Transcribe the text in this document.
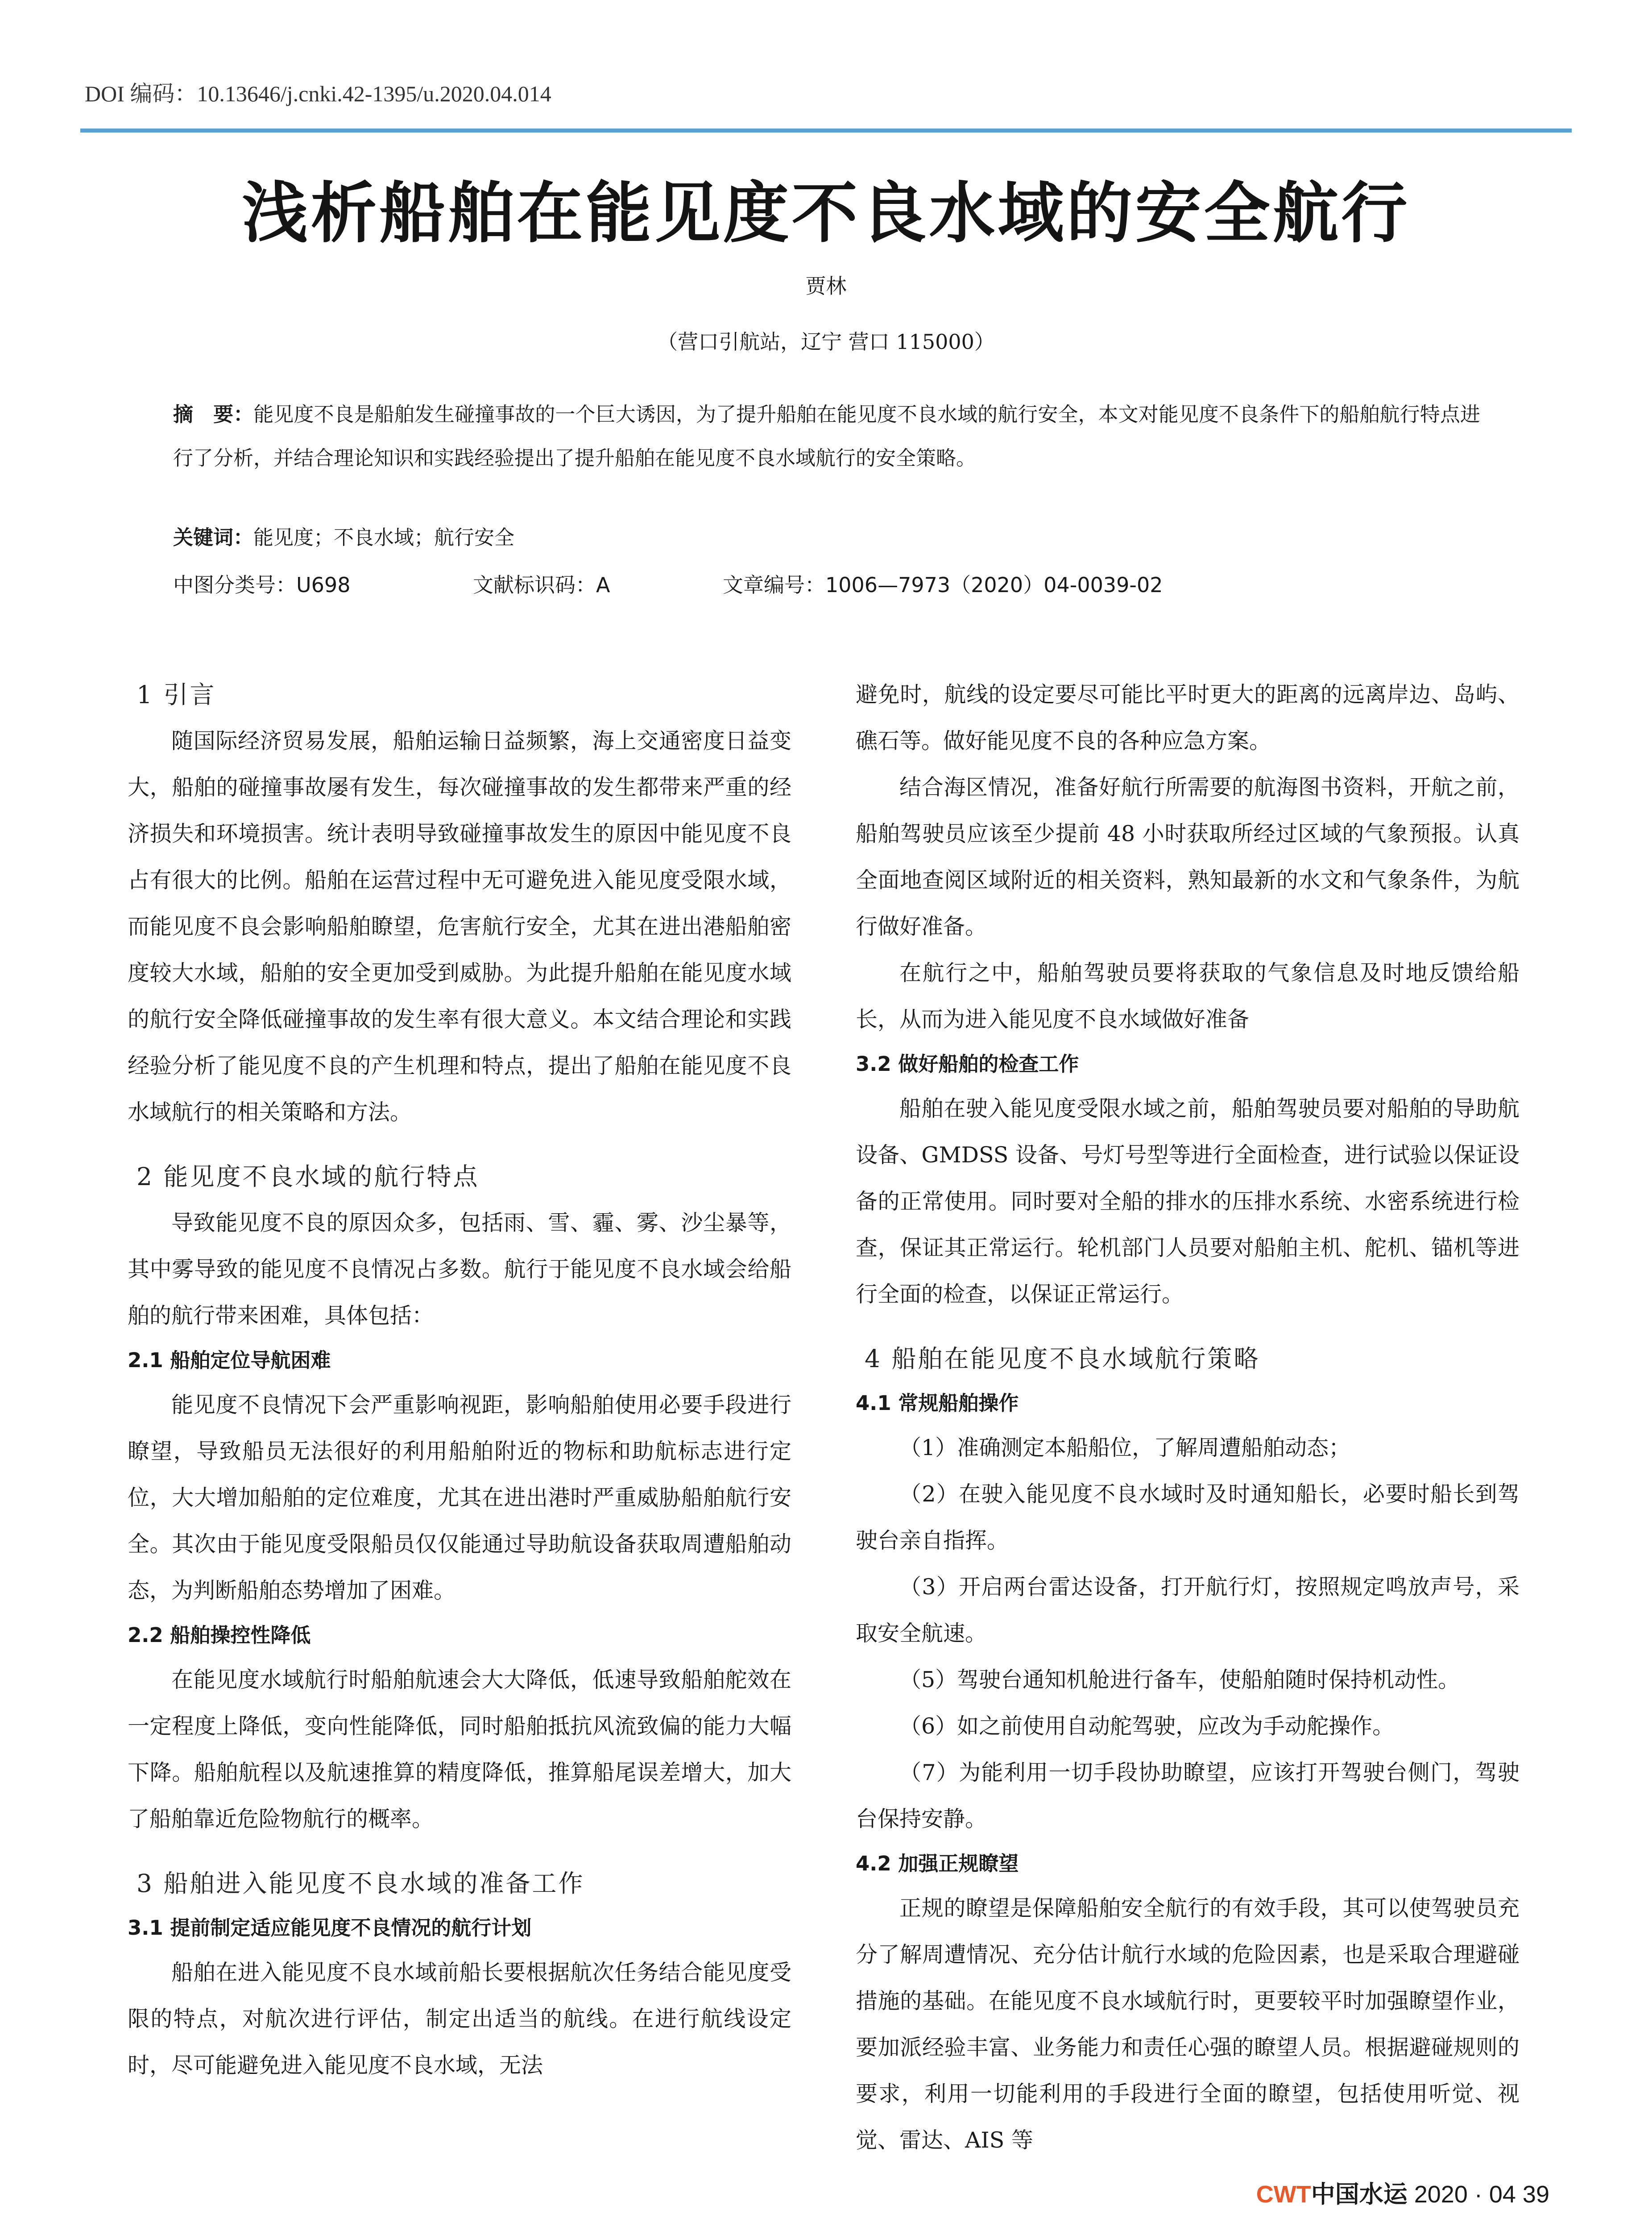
DOI 编码：10.13646/j.cnki.42-1395/u.2020.04.014
浅析船舶在能见度不良水域的安全航行
贾林
（营口引航站，辽宁 营口 115000）
摘　要：能见度不良是船舶发生碰撞事故的一个巨大诱因，为了提升船舶在能见度不良水域的航行安全，本文对能见度不良条件下的船舶航行特点进行了分析，并结合理论知识和实践经验提出了提升船舶在能见度不良水域航行的安全策略。
关键词：能见度；不良水域；航行安全
中图分类号：U698	文献标识码：A	文章编号：1006—7973（2020）04-0039-02
1 引言

随国际经济贸易发展，船舶运输日益频繁，海上交通密度日益变大，船舶的碰撞事故屡有发生，每次碰撞事故的发生都带来严重的经济损失和环境损害。统计表明导致碰撞事故发生的原因中能见度不良占有很大的比例。船舶在运营过程中无可避免进入能见度受限水域，而能见度不良会影响船舶瞭望，危害航行安全，尤其在进出港船舶密度较大水域，船舶的安全更加受到威胁。为此提升船舶在能见度水域的航行安全降低碰撞事故的发生率有很大意义。本文结合理论和实践经验分析了能见度不良的产生机理和特点，提出了船舶在能见度不良水域航行的相关策略和方法。

2 能见度不良水域的航行特点

导致能见度不良的原因众多，包括雨、雪、霾、雾、沙尘暴等，其中雾导致的能见度不良情况占多数。航行于能见度不良水域会给船舶的航行带来困难，具体包括：

2.1 船舶定位导航困难

能见度不良情况下会严重影响视距，影响船舶使用必要手段进行瞭望，导致船员无法很好的利用船舶附近的物标和助航标志进行定位，大大增加船舶的定位难度，尤其在进出港时严重威胁船舶航行安全。其次由于能见度受限船员仅仅能通过导助航设备获取周遭船舶动态，为判断船舶态势增加了困难。

2.2 船舶操控性降低

在能见度水域航行时船舶航速会大大降低，低速导致船舶舵效在一定程度上降低，变向性能降低，同时船舶抵抗风流致偏的能力大幅下降。船舶航程以及航速推算的精度降低，推算船尾误差增大，加大了船舶靠近危险物航行的概率。

3 船舶进入能见度不良水域的准备工作
3.1 提前制定适应能见度不良情况的航行计划

船舶在进入能见度不良水域前船长要根据航次任务结合能见度受限的特点，对航次进行评估，制定出适当的航线。在进行航线设定时，尽可能避免进入能见度不良水域，无法

避免时，航线的设定要尽可能比平时更大的距离的远离岸边、岛屿、礁石等。做好能见度不良的各种应急方案。

结合海区情况，准备好航行所需要的航海图书资料，开航之前，船舶驾驶员应该至少提前 48 小时获取所经过区域的气象预报。认真全面地查阅区域附近的相关资料，熟知最新的水文和气象条件，为航行做好准备。

在航行之中，船舶驾驶员要将获取的气象信息及时地反馈给船长，从而为进入能见度不良水域做好准备

3.2 做好船舶的检查工作

船舶在驶入能见度受限水域之前，船舶驾驶员要对船舶的导助航设备、GMDSS 设备、号灯号型等进行全面检查，进行试验以保证设备的正常使用。同时要对全船的排水的压排水系统、水密系统进行检查，保证其正常运行。轮机部门人员要对船舶主机、舵机、锚机等进行全面的检查，以保证正常运行。

4 船舶在能见度不良水域航行策略
4.1 常规船舶操作

（1）准确测定本船船位，了解周遭船舶动态；

（2）在驶入能见度不良水域时及时通知船长，必要时船长到驾驶台亲自指挥。

（3）开启两台雷达设备，打开航行灯，按照规定鸣放声号，采取安全航速。

（5）驾驶台通知机舱进行备车，使船舶随时保持机动性。

（6）如之前使用自动舵驾驶，应改为手动舵操作。

（7）为能利用一切手段协助瞭望，应该打开驾驶台侧门，驾驶台保持安静。

4.2 加强正规瞭望

正规的瞭望是保障船舶安全航行的有效手段，其可以使驾驶员充分了解周遭情况、充分估计航行水域的危险因素，也是采取合理避碰措施的基础。在能见度不良水域航行时，更要较平时加强瞭望作业，要加派经验丰富、业务能力和责任心强的瞭望人员。根据避碰规则的要求，利用一切能利用的手段进行全面的瞭望，包括使用听觉、视觉、雷达、AIS 等

CWT中国水运 2020 · 04 39
